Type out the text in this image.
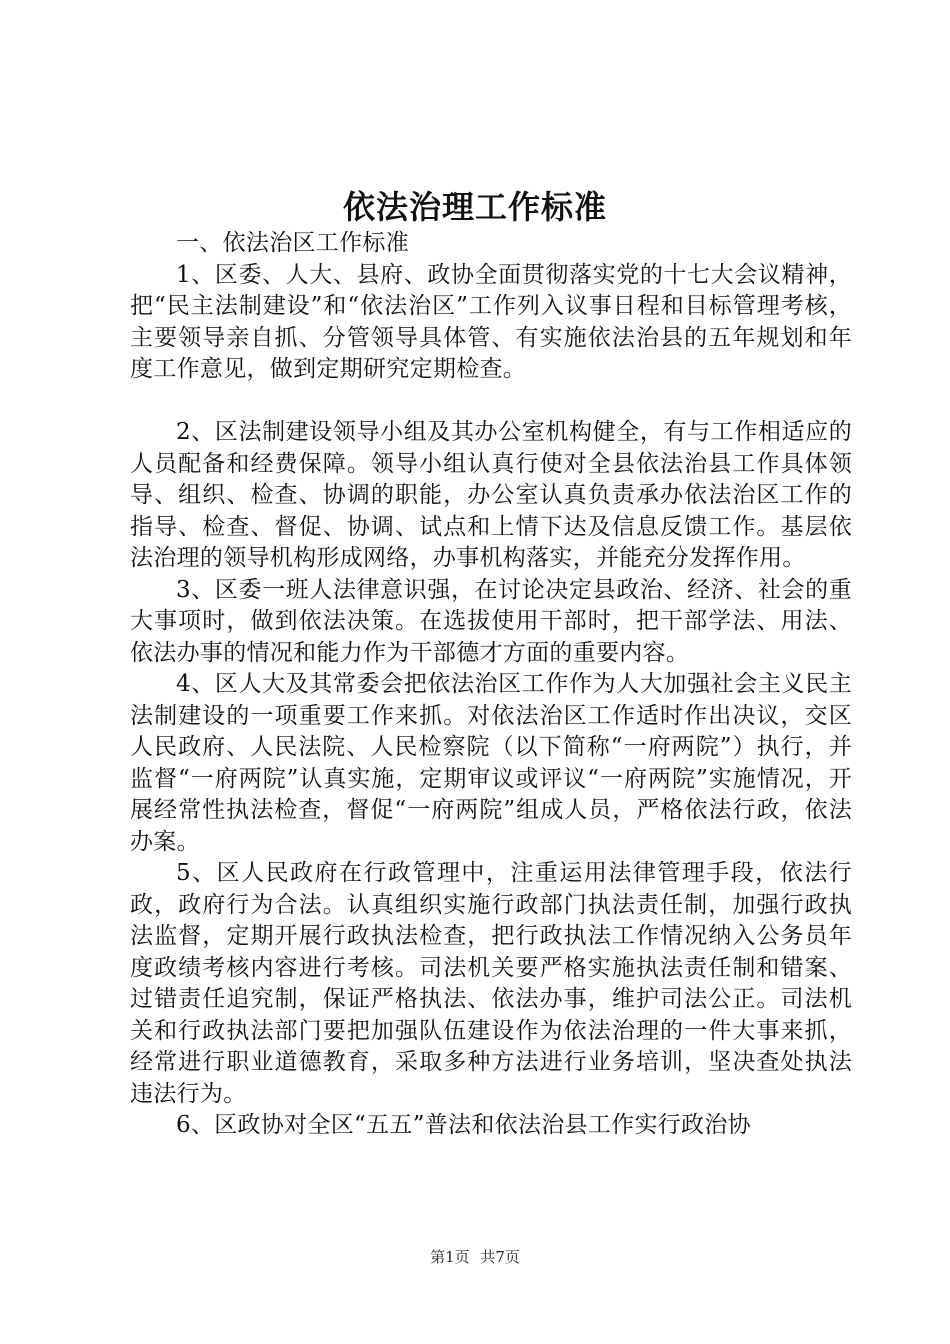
依法治理工作标准

一、依法治区工作标准

1、区委、人大、县府、政协全面贯彻落实党的十七大会议精神，把“民主法制建设”和“依法治区”工作列入议事日程和目标管理考核，主要领导亲自抓、分管领导具体管、有实施依法治县的五年规划和年度工作意见，做到定期研究定期检查。

2、区法制建设领导小组及其办公室机构健全，有与工作相适应的人员配备和经费保障。领导小组认真行使对全县依法治县工作具体领导、组织、检查、协调的职能，办公室认真负责承办依法治区工作的指导、检查、督促、协调、试点和上情下达及信息反馈工作。基层依法治理的领导机构形成网络，办事机构落实，并能充分发挥作用。

3、区委一班人法律意识强，在讨论决定县政治、经济、社会的重大事项时，做到依法决策。在选拔使用干部时，把干部学法、用法、依法办事的情况和能力作为干部德才方面的重要内容。

4、区人大及其常委会把依法治区工作作为人大加强社会主义民主法制建设的一项重要工作来抓。对依法治区工作适时作出决议，交区人民政府、人民法院、人民检察院（以下简称“一府两院”）执行，并监督“一府两院”认真实施，定期审议或评议“一府两院”实施情况，开展经常性执法检查，督促“一府两院”组成人员，严格依法行政，依法办案。

5、区人民政府在行政管理中，注重运用法律管理手段，依法行政，政府行为合法。认真组织实施行政部门执法责任制，加强行政执法监督，定期开展行政执法检查，把行政执法工作情况纳入公务员年度政绩考核内容进行考核。司法机关要严格实施执法责任制和错案、过错责任追究制，保证严格执法、依法办事，维护司法公正。司法机关和行政执法部门要把加强队伍建设作为依法治理的一件大事来抓，经常进行职业道德教育，采取多种方法进行业务培训，坚决查处执法违法行为。

6、区政协对全区“五五”普法和依法治县工作实行政治协

第1页 共7页
